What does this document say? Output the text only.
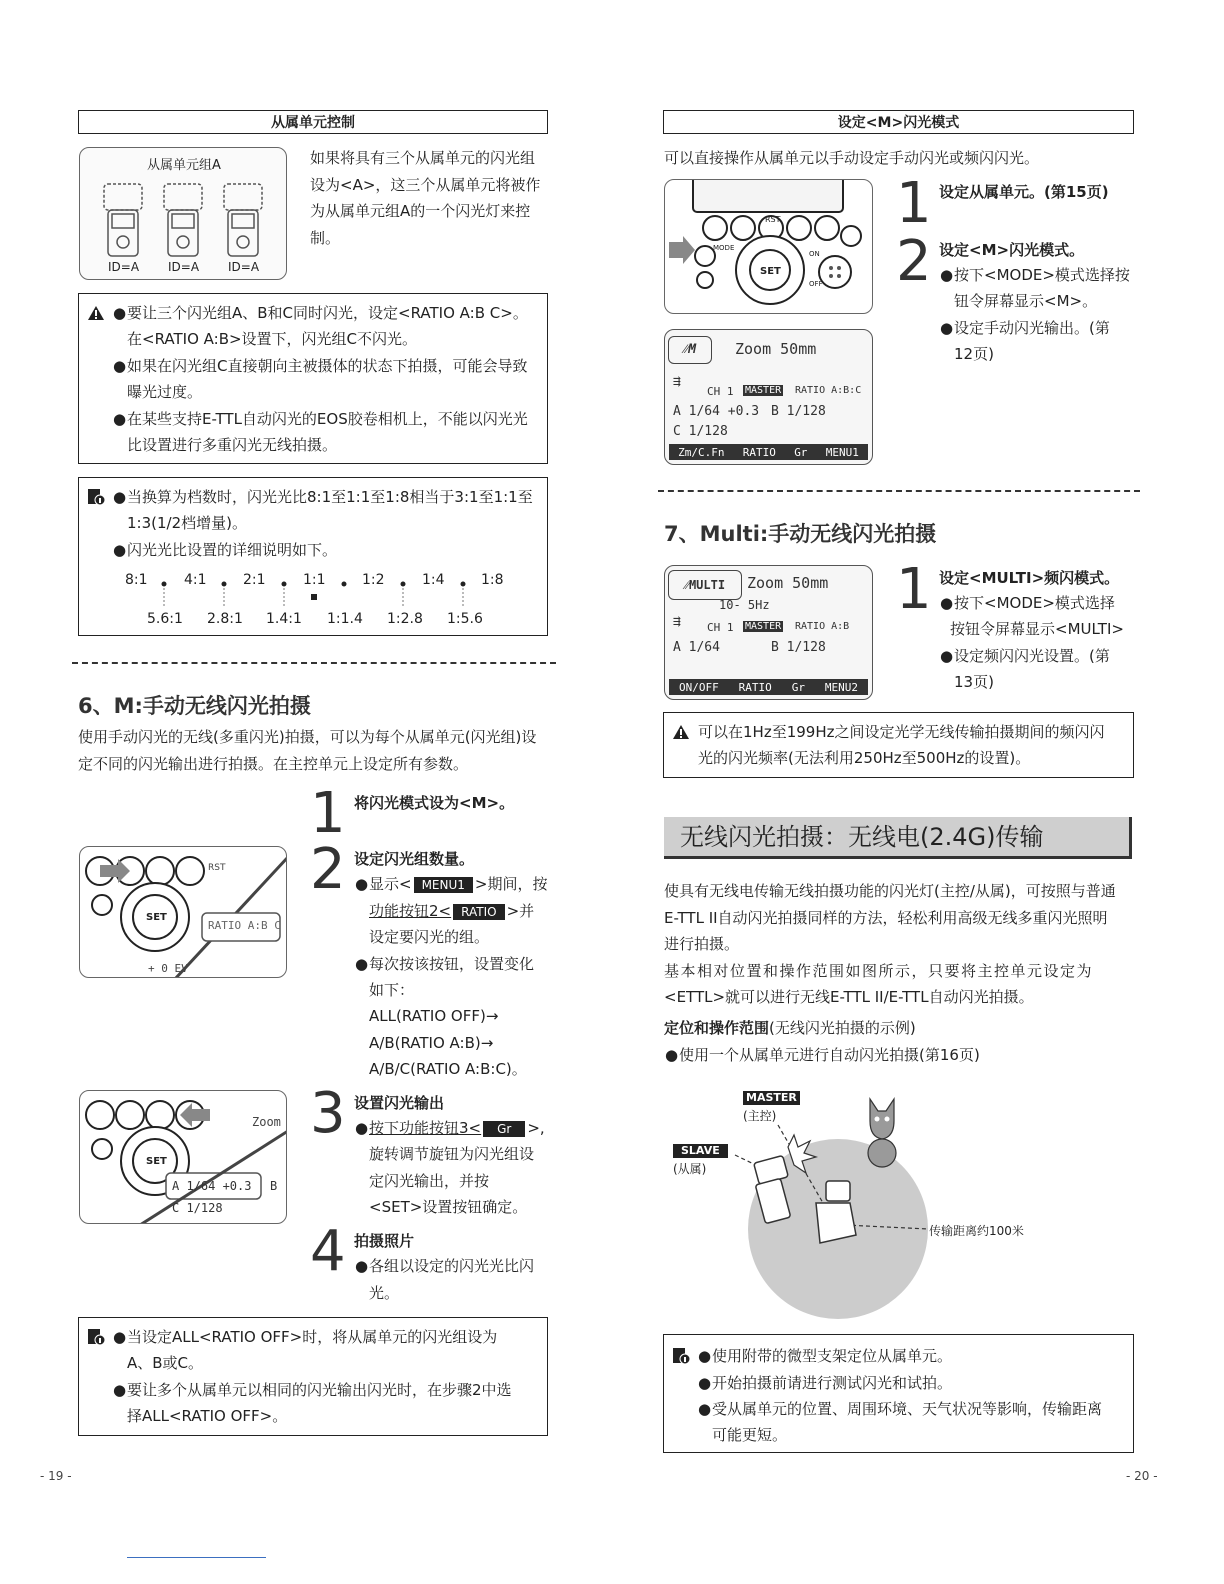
从属单元控制
从属单元组A
ID=A ID=A ID=A
如果将具有三个从属单元的闪光组
设为<A>，这三个从属单元将被作
为从属单元组A的一个闪光灯来控
制。
● 要让三个闪光组A、B和C同时闪光，设定<RATIO A:B C>。
在<RATIO A:B>设置下，闪光组C不闪光。
● 如果在闪光组C直接朝向主被摄体的状态下拍摄，可能会导致
曝光过度。
● 在某些支持E-TTL自动闪光的EOS胶卷相机上，不能以闪光光
比设置进行多重闪光无线拍摄。
● 当换算为档数时，闪光光比8:1至1:1至1:8相当于3:1至1:1至
1:3(1/2档增量)。
● 闪光光比设置的详细说明如下。
8:1	4:1	2:1	1:1	1:2	1:4	1:8
5.6:1 2.8:1 1.4:1 1:1.4 1:2.8 1:5.6
6、M:手动无线闪光拍摄
使用手动闪光的无线(多重闪光)拍摄，可以为每个从属单元(闪光组)设
定不同的闪光输出进行拍摄。在主控单元上设定所有参数。
1 将闪光模式设为<M>。
2 设定闪光组数量。
● 显示< MENU1 >期间，按
功能按钮2< RATIO >并
设定要闪光的组。
● 每次按该按钮，设置变化
如下：
ALL(RATIO OFF)→
A/B(RATIO A:B)→
A/B/C(RATIO A:B:C)。
SET
RATIO A:B C
+ 0 EV
RST
3 设置闪光输出
● 按下功能按钮3< Gr >,
旋转调节旋钮为闪光组设
定闪光输出，并按
<SET>设置按钮确定。
SET
Zoom
A 1/64 +0.3
C 1/128
B
4 拍摄照片
● 各组以设定的闪光光比闪
光。
● 当设定ALL<RATIO OFF>时，将从属单元的闪光组设为
A、B或C。
● 要让多个从属单元以相同的闪光输出闪光时，在步骤2中选
择ALL<RATIO OFF>。
- 19 -
设定<M>闪光模式
可以直接操作从属单元以手动设定手动闪光或频闪闪光。
SET
RST
MODE
ON
OFF
⁄⁄M	Zoom 50mm
⇶
CH 1 MASTER RATIO A:B:C
A 1/64 +0.3 B 1/128
C 1/128
Zm/C.Fn RATIO Gr MENU1
1 设定从属单元。(第15页)
2 设定<M>闪光模式。
● 按下<MODE>模式选择按
钮令屏幕显示<M>。
● 设定手动闪光输出。(第
12页)
7、Multi:手动无线闪光拍摄
⁄⁄MULTI	Zoom 50mm
10- 5Hz
⇶ CH 1 MASTER RATIO A:B
A 1/64	B 1/128
ON/OFF RATIO Gr MENU2
1 设定<MULTI>频闪模式。
● 按下<MODE>模式选择
按钮令屏幕显示<MULTI>
● 设定频闪闪光设置。(第
13页)
可以在1Hz至199Hz之间设定光学无线传输拍摄期间的频闪闪
光的闪光频率(无法利用250Hz至500Hz的设置)。
无线闪光拍摄：无线电(2.4G)传输
使具有无线电传输无线拍摄功能的闪光灯(主控/从属)，可按照与普通
E-TTL II自动闪光拍摄同样的方法，轻松利用高级无线多重闪光照明
进行拍摄。
基本相对位置和操作范围如图所示，只要将主控单元设定为
<ETTL>就可以进行无线E-TTL II/E-TTL自动闪光拍摄。
定位和操作范围(无线闪光拍摄的示例)
● 使用一个从属单元进行自动闪光拍摄(第16页)
MASTER
(主控)
SLAVE
(从属)
传输距离约100米
● 使用附带的微型支架定位从属单元。
● 开始拍摄前请进行测试闪光和试拍。
● 受从属单元的位置、周围环境、天气状况等影响，传输距离
可能更短。
- 20 -
